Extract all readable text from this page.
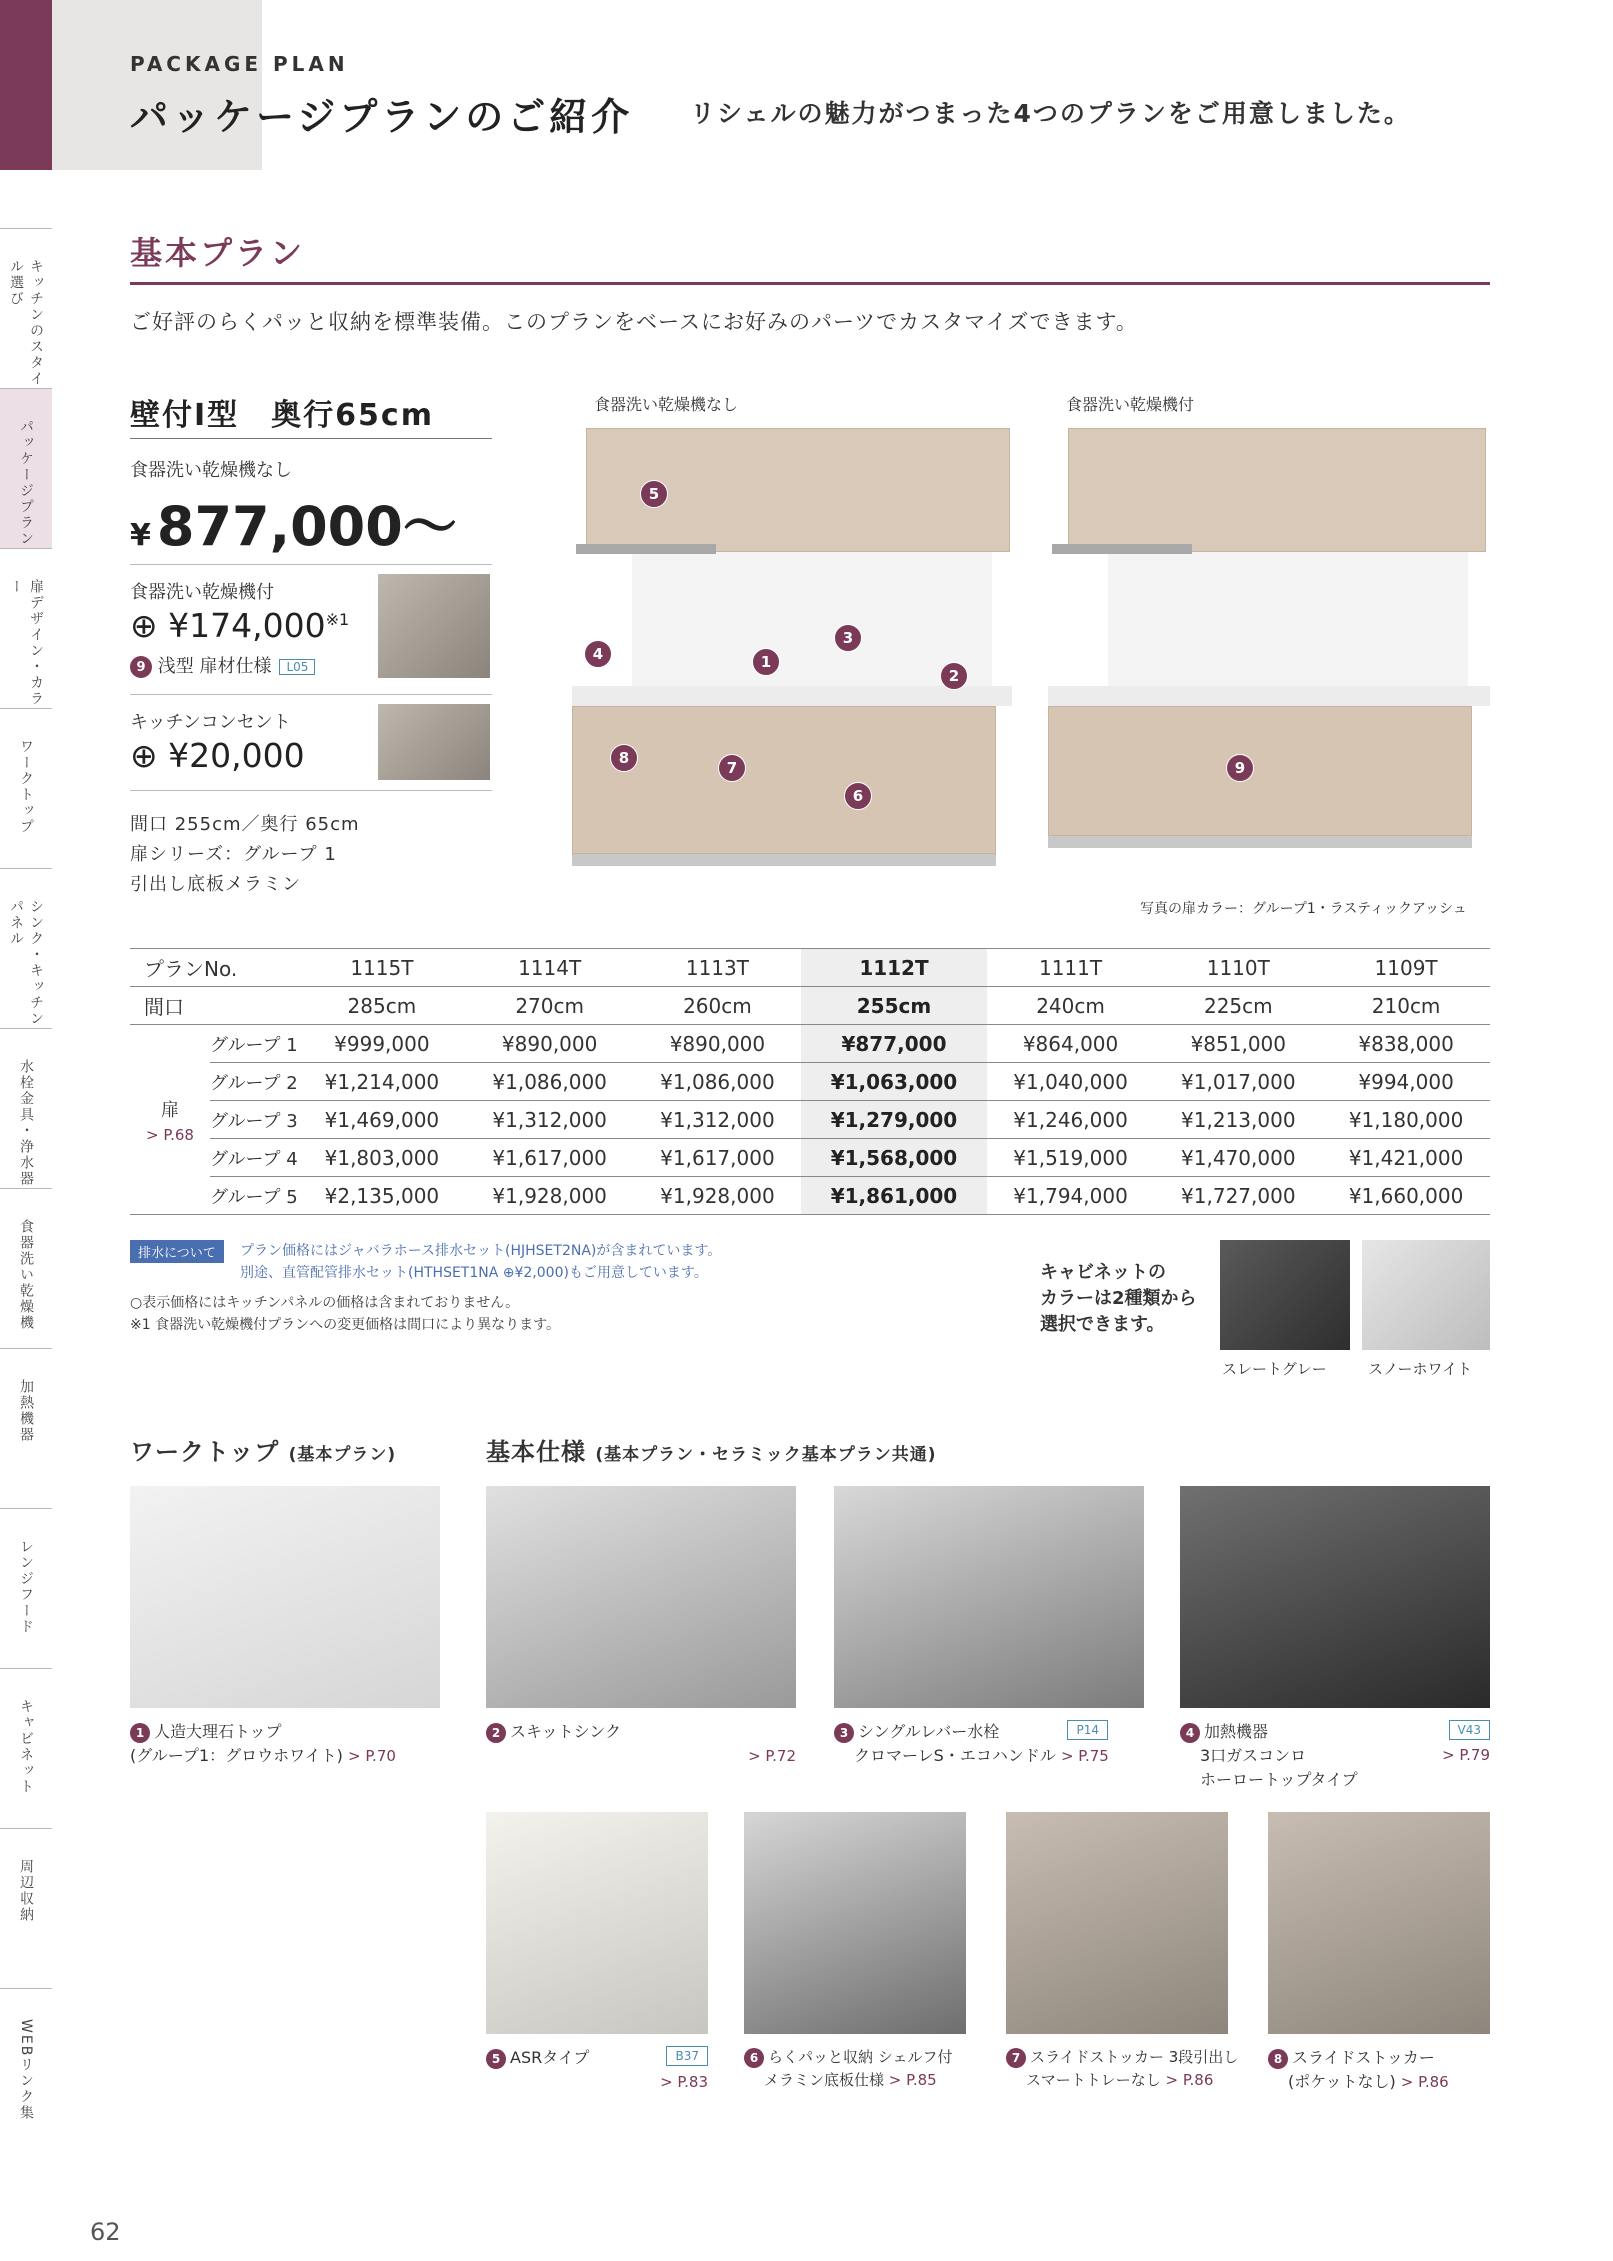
PACKAGE PLAN
パッケージプランのご紹介 リシェルの魅力がつまった4つのプランをご用意しました。
キッチンのスタイル選び
パッケージプラン
扉デザイン・カラー
ワークトップ
シンク・キッチンパネル
水栓金具・浄水器
食器洗い乾燥機
加熱機器
レンジフード
キャビネット
周辺収納
WEBリンク集
62
基本プラン
ご好評のらくパッと収納を標準装備。このプランをベースにお好みのパーツでカスタマイズできます。
壁付I型　奥行65cm
食器洗い乾燥機なし
¥ 877,000～
食器洗い乾燥機付
⊕ ¥174,000$^{※1}$
9 浅型 扉材仕様 L05
キッチンコンセント
⊕ ¥20,000
間口 255cm／奥行 65cm
扉シリーズ：グループ 1
引出し底板メラミン
食器洗い乾燥機なし	食器洗い乾燥機付
5
4	1
3
2
8
7
6
9
写真の扉カラー：グループ1・ラスティックアッシュ
プランNo.		1115T	1114T	1113T	1112T	1111T	1110T	1109T
間口		285cm	270cm	260cm	255cm	240cm	225cm	210cm
扉
> P.68	グループ 1	¥999,000	¥890,000	¥890,000	¥877,000	¥864,000	¥851,000	¥838,000
	グループ 2	¥1,214,000	¥1,086,000	¥1,086,000	¥1,063,000	¥1,040,000	¥1,017,000	¥994,000
	グループ 3	¥1,469,000	¥1,312,000	¥1,312,000	¥1,279,000	¥1,246,000	¥1,213,000	¥1,180,000
	グループ 4	¥1,803,000	¥1,617,000	¥1,617,000	¥1,568,000	¥1,519,000	¥1,470,000	¥1,421,000
	グループ 5	¥2,135,000	¥1,928,000	¥1,928,000	¥1,861,000	¥1,794,000	¥1,727,000	¥1,660,000
排水について	プラン価格にはジャバラホース排水セット(HJHSET2NA)が含まれています。
別途、直管配管排水セット(HTHSET1NA ⊕¥2,000)もご用意しています。
○表示価格にはキッチンパネルの価格は含まれておりません。
※1 食器洗い乾燥機付プランへの変更価格は間口により異なります。
キャビネットの
カラーは2種類から
選択できます。
スレートグレー	スノーホワイト
ワークトップ (基本プラン)	基本仕様 (基本プラン・セラミック基本プラン共通)
1 人造大理石トップ
(グループ1：グロウホワイト) > P.70
2 スキットシンク
> P.72
3 シングルレバー水栓	P14
クロマーレS・エコハンドル > P.75
4 加熱機器	V43
3口ガスコンロ	> P.79
ホーロートップタイプ
5 ASRタイプ	B37
> P.83
6 らくパッと収納 シェルフ付
メラミン底板仕様 > P.85
7 スライドストッカー 3段引出し
スマートトレーなし > P.86
8 スライドストッカー
(ポケットなし) > P.86
